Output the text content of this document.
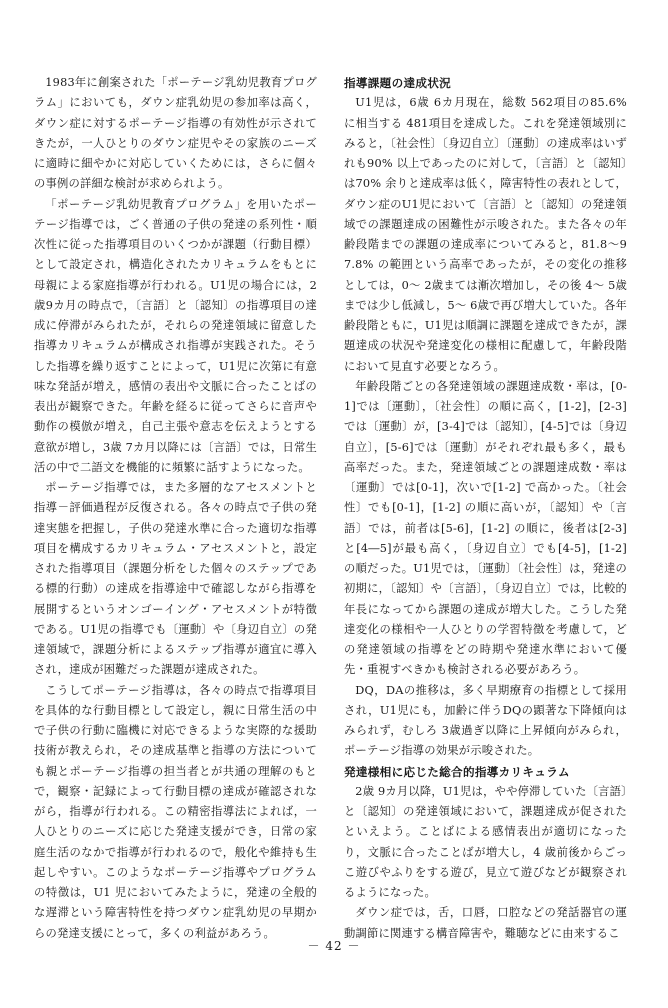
1983年に創案された「ポーテージ乳幼児教育プログラム」においても，ダウン症乳幼児の参加率は高く，ダウン症に対するポーテージ指導の有効性が示されてきたが，一人ひとりのダウン症児やその家族のニーズに適時に細やかに対応していくためには，さらに個々の事例の詳細な検討が求められよう。

「ポーテージ乳幼児教育プログラム」を用いたポーテージ指導では，ごく普通の子供の発達の系列性・順次性に従った指導項目のいくつかが課題（行動目標）として設定され，構造化されたカリキュラムをもとに母親による家庭指導が行われる。U1児の場合には，2歳9カ月の時点で，〔言語〕と〔認知〕の指導項目の達成に停滞がみられたが，それらの発達領域に留意した指導カリキュラムが構成され指導が実践された。そうした指導を繰り返すことによって，U1児に次第に有意味な発話が増え，感情の表出や文脈に合ったことばの表出が観察できた。年齢を経るに従ってさらに音声や動作の模倣が増え，自己主張や意志を伝えようとする意欲が増し，3歳 7カ月以降には〔言語〕では，日常生活の中で二語文を機能的に頻繁に話すようになった。

ポーテージ指導では，また多層的なアセスメントと指導－評価過程が反復される。各々の時点で子供の発達実態を把握し，子供の発達水準に合った適切な指導項目を構成するカリキュラム・アセスメントと，設定された指導項目（課題分析をした個々のステップである標的行動）の達成を指導途中で確認しながら指導を展開するというオンゴーイング・アセスメントが特徴である。U1児の指導でも〔運動〕や〔身辺自立〕の発達領域で，課題分析によるステップ指導が適宜に導入され，達成が困難だった課題が達成された。

こうしてポーテージ指導は，各々の時点で指導項目を具体的な行動目標として設定し，親に日常生活の中で子供の行動に臨機に対応できるような実際的な援助技術が教えられ，その達成基準と指導の方法についても親とポーテージ指導の担当者とが共通の理解のもとで，観察・記録によって行動目標の達成が確認されながら，指導が行われる。この精密指導法によれば，一人ひとりのニーズに応じた発達支援ができ，日常の家庭生活のなかで指導が行われるので，般化や維持も生起しやすい。このようなポーテージ指導やプログラムの特徴は，U1 児においてみたように，発達の全般的な遅滞という障害特性を持つダウン症乳幼児の早期からの発達支援にとって，多くの利益があろう。

指導課題の達成状況

U1児は，6歳 6カ月現在，総数 562項目の85.6% に相当する 481項目を達成した。これを発達領域別にみると，〔社会性〕〔身辺自立〕〔運動〕の達成率はいずれも90% 以上であったのに対して，〔言語〕と〔認知〕は70% 余りと達成率は低く，障害特性の表れとして，ダウン症のU1児において〔言語〕と〔認知〕の発達領域での課題達成の困難性が示唆された。また各々の年齢段階までの課題の達成率についてみると，81.8～97.8% の範囲という高率であったが，その変化の推移としては，0～ 2歳まては漸次増加し，その後 4～ 5歳までは少し低減し，5～ 6歳で再び増大していた。各年齢段階ともに，U1児は順調に課題を達成できたが，課題達成の状況や発達変化の様相に配慮して，年齢段階において見直す必要となろう。

年齢段階ごとの各発達領域の課題達成数・率は，[0-1]では〔運動〕，〔社会性〕の順に高く，[1-2]，[2-3]では〔運動〕が，[3-4]では〔認知〕，[4-5]では〔身辺自立〕，[5-6]では〔運動〕がそれぞれ最も多く，最も高率だった。また，発達領域ごとの課題達成数・率は〔運動〕では[0-1]，次いで[1-2] で高かった。〔社会性〕でも[0-1]，[1-2] の順に高いが，〔認知〕や〔言語〕では，前者は[5-6]，[1-2] の順に，後者は[2-3] と[4―5]が最も高く，〔身辺自立〕でも[4-5]，[1-2] の順だった。U1児では，〔運動〕〔社会性〕は，発達の初期に，〔認知〕や〔言語〕，〔身辺自立〕では，比較的年長になってから課題の達成が増大した。こうした発達変化の様相や一人ひとりの学習特徴を考慮して，どの発達領域の指導をどの時期や発達水準において優先・重視すべきかも検討される必要があろう。

DQ，DAの推移は，多く早期療育の指標として採用され，U1児にも，加齢に伴うDQの顕著な下降傾向はみられず，むしろ 3歳過ぎ以降に上昇傾向がみられ，ポーテージ指導の効果が示唆された。

発達様相に応じた総合的指導カリキュラム

2歳 9カ月以降，U1児は，やや停滞していた〔言語〕と〔認知〕の発達領域において，課題達成が促されたといえよう。ことばによる感情表出が適切になったり，文脈に合ったことばが増大し，4 歳前後からごっこ遊びやふりをする遊び，見立て遊びなどが観察されるようになった。

ダウン症では，舌，口唇，口腔などの発話器官の運動調節に関連する構音障害や，難聴などに由来するこ

－ 42 －
